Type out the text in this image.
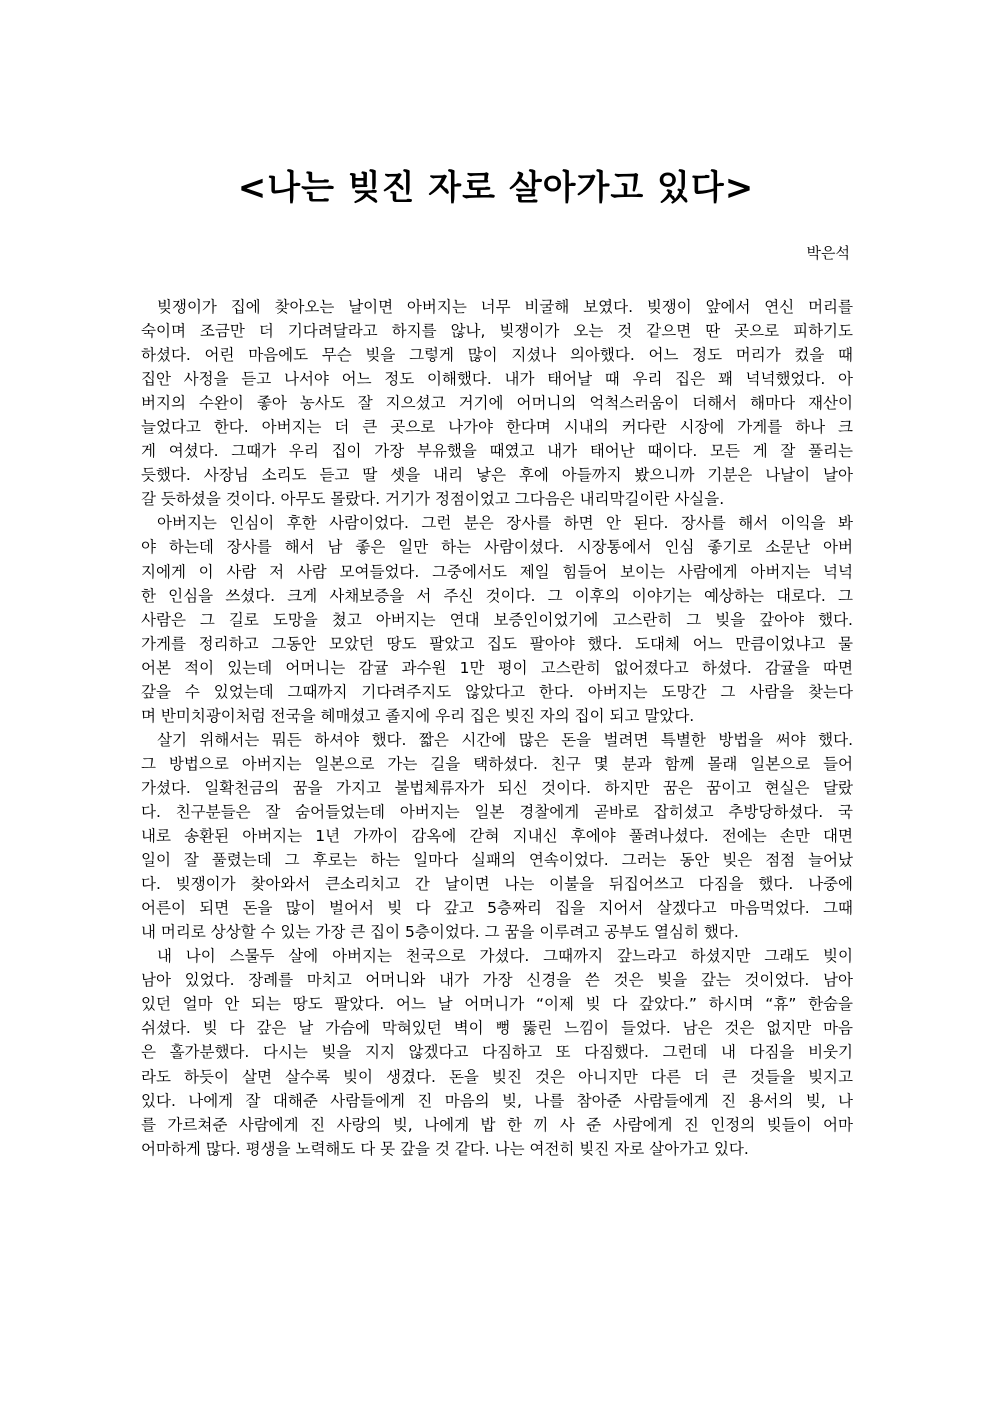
<나는 빚진 자로 살아가고 있다>
박은석
빚쟁이가 집에 찾아오는 날이면 아버지는 너무 비굴해 보였다. 빚쟁이 앞에서 연신 머리를
숙이며 조금만 더 기다려달라고 하지를 않나, 빚쟁이가 오는 것 같으면 딴 곳으로 피하기도
하셨다. 어린 마음에도 무슨 빚을 그렇게 많이 지셨나 의아했다. 어느 정도 머리가 컸을 때
집안 사정을 듣고 나서야 어느 정도 이해했다. 내가 태어날 때 우리 집은 꽤 넉넉했었다. 아
버지의 수완이 좋아 농사도 잘 지으셨고 거기에 어머니의 억척스러움이 더해서 해마다 재산이
늘었다고 한다. 아버지는 더 큰 곳으로 나가야 한다며 시내의 커다란 시장에 가게를 하나 크
게 여셨다. 그때가 우리 집이 가장 부유했을 때였고 내가 태어난 때이다. 모든 게 잘 풀리는
듯했다. 사장님 소리도 듣고 딸 셋을 내리 낳은 후에 아들까지 봤으니까 기분은 나날이 날아
갈 듯하셨을 것이다. 아무도 몰랐다. 거기가 정점이었고 그다음은 내리막길이란 사실을.
아버지는 인심이 후한 사람이었다. 그런 분은 장사를 하면 안 된다. 장사를 해서 이익을 봐
야 하는데 장사를 해서 남 좋은 일만 하는 사람이셨다. 시장통에서 인심 좋기로 소문난 아버
지에게 이 사람 저 사람 모여들었다. 그중에서도 제일 힘들어 보이는 사람에게 아버지는 넉넉
한 인심을 쓰셨다. 크게 사채보증을 서 주신 것이다. 그 이후의 이야기는 예상하는 대로다. 그
사람은 그 길로 도망을 쳤고 아버지는 연대 보증인이었기에 고스란히 그 빚을 갚아야 했다.
가게를 정리하고 그동안 모았던 땅도 팔았고 집도 팔아야 했다. 도대체 어느 만큼이었냐고 물
어본 적이 있는데 어머니는 감귤 과수원 1만 평이 고스란히 없어졌다고 하셨다. 감귤을 따면
갚을 수 있었는데 그때까지 기다려주지도 않았다고 한다. 아버지는 도망간 그 사람을 찾는다
며 반미치광이처럼 전국을 헤매셨고 졸지에 우리 집은 빚진 자의 집이 되고 말았다.
살기 위해서는 뭐든 하셔야 했다. 짧은 시간에 많은 돈을 벌려면 특별한 방법을 써야 했다.
그 방법으로 아버지는 일본으로 가는 길을 택하셨다. 친구 몇 분과 함께 몰래 일본으로 들어
가셨다. 일확천금의 꿈을 가지고 불법체류자가 되신 것이다. 하지만 꿈은 꿈이고 현실은 달랐
다. 친구분들은 잘 숨어들었는데 아버지는 일본 경찰에게 곧바로 잡히셨고 추방당하셨다. 국
내로 송환된 아버지는 1년 가까이 감옥에 갇혀 지내신 후에야 풀려나셨다. 전에는 손만 대면
일이 잘 풀렸는데 그 후로는 하는 일마다 실패의 연속이었다. 그러는 동안 빚은 점점 늘어났
다. 빚쟁이가 찾아와서 큰소리치고 간 날이면 나는 이불을 뒤집어쓰고 다짐을 했다. 나중에
어른이 되면 돈을 많이 벌어서 빚 다 갚고 5층짜리 집을 지어서 살겠다고 마음먹었다. 그때
내 머리로 상상할 수 있는 가장 큰 집이 5층이었다. 그 꿈을 이루려고 공부도 열심히 했다.
내 나이 스물두 살에 아버지는 천국으로 가셨다. 그때까지 갚느라고 하셨지만 그래도 빚이
남아 있었다. 장례를 마치고 어머니와 내가 가장 신경을 쓴 것은 빚을 갚는 것이었다. 남아
있던 얼마 안 되는 땅도 팔았다. 어느 날 어머니가 “이제 빚 다 갚았다.” 하시며 “휴” 한숨을
쉬셨다. 빚 다 갚은 날 가슴에 막혀있던 벽이 뻥 뚫린 느낌이 들었다. 남은 것은 없지만 마음
은 홀가분했다. 다시는 빚을 지지 않겠다고 다짐하고 또 다짐했다. 그런데 내 다짐을 비웃기
라도 하듯이 살면 살수록 빚이 생겼다. 돈을 빚진 것은 아니지만 다른 더 큰 것들을 빚지고
있다. 나에게 잘 대해준 사람들에게 진 마음의 빚, 나를 참아준 사람들에게 진 용서의 빚, 나
를 가르쳐준 사람에게 진 사랑의 빚, 나에게 밥 한 끼 사 준 사람에게 진 인정의 빚들이 어마
어마하게 많다. 평생을 노력해도 다 못 갚을 것 같다. 나는 여전히 빚진 자로 살아가고 있다.
